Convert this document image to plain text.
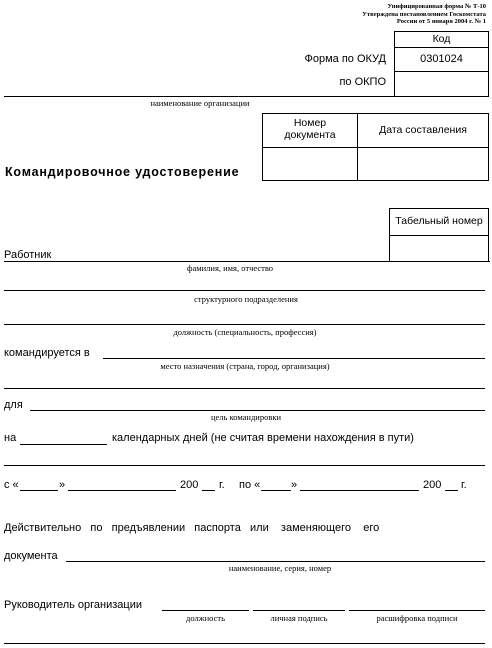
Унифицированная форма № Т-10
Утверждена постановлением Госкомстата
России от 5 января 2004 г. № 1
Код
0301024
Форма по ОКУД
по ОКПО
наименование организации
Номер документа	Дата составления
Командировочное удостоверение
Табельный номер
Работник
фамилия, имя, отчество
структурного подразделения
должность (специальность, профессия)
командируется в
место назначения (страна, город, организация)
для
цель командировки
на	календарных дней (не считая времени нахождения в пути)
с «	»	200 г. по «	»	200 г.
Действительно   по   предъявлении   паспорта   или    заменяющего    его
документа
наименование, серия, номер
Руководитель организации
должность	личная подпись	расшифровка подписи
